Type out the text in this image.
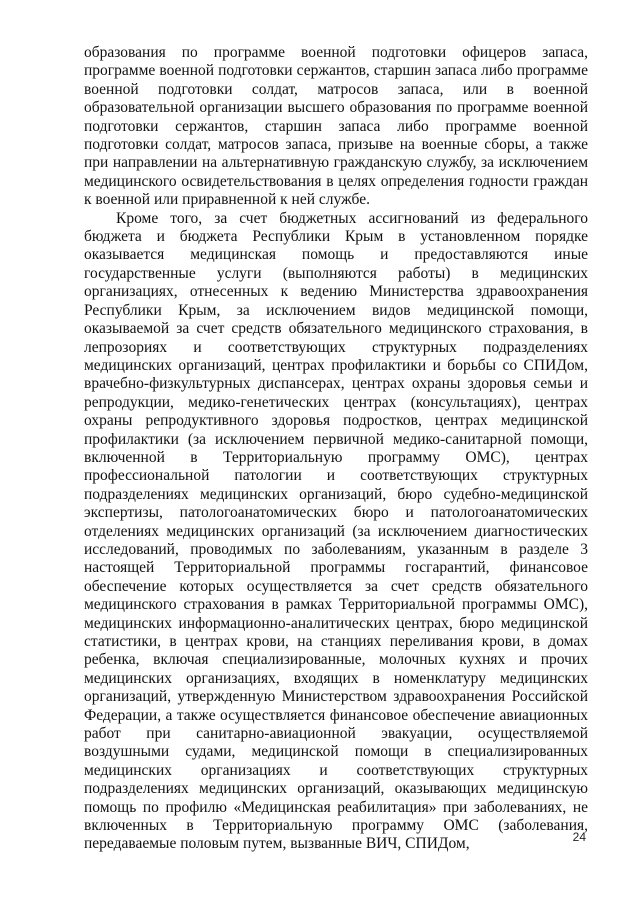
образования по программе военной подготовки офицеров запаса, программе военной подготовки сержантов, старшин запаса либо программе военной подготовки солдат, матросов запаса, или в военной образовательной организации высшего образования по программе военной подготовки сержантов, старшин запаса либо программе военной подготовки солдат, матросов запаса, призыве на военные сборы, а также при направлении на альтернативную гражданскую службу, за исключением медицинского освидетельствования в целях определения годности граждан к военной или приравненной к ней службе.

Кроме того, за счет бюджетных ассигнований из федерального бюджета и бюджета Республики Крым в установленном порядке оказывается медицинская помощь и предоставляются иные государственные услуги (выполняются работы) в медицинских организациях, отнесенных к ведению Министерства здравоохранения Республики Крым, за исключением видов медицинской помощи, оказываемой за счет средств обязательного медицинского страхования, в лепрозориях и соответствующих структурных подразделениях медицинских организаций, центрах профилактики и борьбы со СПИДом, врачебно-физкультурных диспансерах, центрах охраны здоровья семьи и репродукции, медико-генетических центрах (консультациях), центрах охраны репродуктивного здоровья подростков, центрах медицинской профилактики (за исключением первичной медико-санитарной помощи, включенной в Территориальную программу ОМС), центрах профессиональной патологии и соответствующих структурных подразделениях медицинских организаций, бюро судебно-медицинской экспертизы, патологоанатомических бюро и патологоанатомических отделениях медицинских организаций (за исключением диагностических исследований, проводимых по заболеваниям, указанным в разделе 3 настоящей Территориальной программы госгарантий, финансовое обеспечение которых осуществляется за счет средств обязательного медицинского страхования в рамках Территориальной программы ОМС), медицинских информационно-аналитических центрах, бюро медицинской статистики, в центрах крови, на станциях переливания крови, в домах ребенка, включая специализированные, молочных кухнях и прочих медицинских организациях, входящих в номенклатуру медицинских организаций, утвержденную Министерством здравоохранения Российской Федерации, а также осуществляется финансовое обеспечение авиационных работ при санитарно-авиационной эвакуации, осуществляемой воздушными судами, медицинской помощи в специализированных медицинских организациях и соответствующих структурных подразделениях медицинских организаций, оказывающих медицинскую помощь по профилю «Медицинская реабилитация» при заболеваниях, не включенных в Территориальную программу ОМС (заболевания, передаваемые половым путем, вызванные ВИЧ, СПИДом,	24
